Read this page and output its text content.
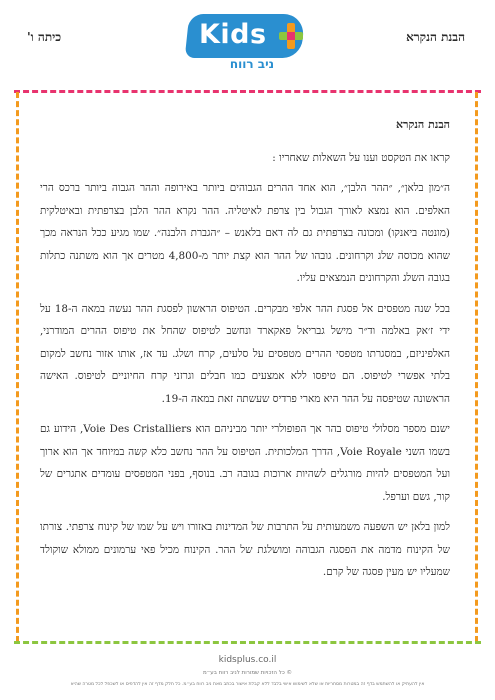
כיתה ו'	Kids
ניב רווח
הבנת הנקרא
הבנת הנקרא
קראו את הטקסט וענו על השאלות שאחריו :

ה״מון בלאן״, ״ההר הלבן״, הוא אחד ההרים הגבוהים ביותר באירופה וההר הגבוה ביותר ברכס הרי האלפים. הוא נמצא לאורך הגבול בין צרפת לאיטליה. ההר נקרא ההר הלבן בצרפתית ובאיטלקית (מונטה ביאנקו) ומכונה בצרפתית גם לה דאם בלאנש – ״הגברת הלבנה״. שמו מגיע ככל הנראה מכך שהוא מכוסה שלג וקרחונים. גובהו של ההר הוא קצת יותר מ-4,800 מטרים אך הוא משתנה כתלות בגובה השלג והקרחונים הנמצאים עליו.

בכל שנה מטפסים אל פסגת ההר אלפי מבקרים. הטיפוס הראשון לפסגת ההר נעשה במאה ה-18 על ידי ז׳אק באלמה וד״ר מישל גבריאל פאקארד ונחשב לטיפוס שהחל את טיפוס ההרים המודרני, האלפיניזם, במסגרתו מטפסי ההרים מטפסים על סלעים, קרח ושלג. עד אז, אותו אזור נחשב למקום בלתי אפשרי לטיפוס. הם טיפסו ללא אמצעים כמו חבלים וגרזני קרח החיוניים לטיפוס. האישה הראשונה שטיפסה על ההר היא מארי פרדיס שעשתה זאת במאה ה-19.

ישנם מספר מסלולי טיפוס בהר אך הפופולרי יותר מביניהם הוא Voie Des Cristalliers, הידוע גם בשמו השני Voie Royale, הדרך המלכותית. הטיפוס על ההר נחשב כלא קשה במיוחד אך הוא ארוך ועל המטפסים להיות מורגלים לשהיות ארוכות בגובה רב. בנוסף, בפני המטפסים עומדים אתגרים של קור, גשם וערפל.

למון בלאן יש השפעה משמעותית על התרבות של המדינות באזורו ויש על שמו של קינוח צרפתי. צורתו של הקינוח מדמה את הפסגה הגבוהה ומושלגת של ההר. הקינוח מכיל פאי ערמונים ממולא שוקולד שמעליו יש מעין פסגה של קרם.

kidsplus.co.il
© כל הזכויות שמורות לניב רווח בע״מ
אין להעתיק או להשתמש בדף זה במטרות מסחריות או שלא לשימוש אישי בלבד ללא קבלת אישור בכתב מאת ניב רווח בע״מ. כל חלק מדף זה אין להדפיס או לשכפל לכל מטרה שהיא
